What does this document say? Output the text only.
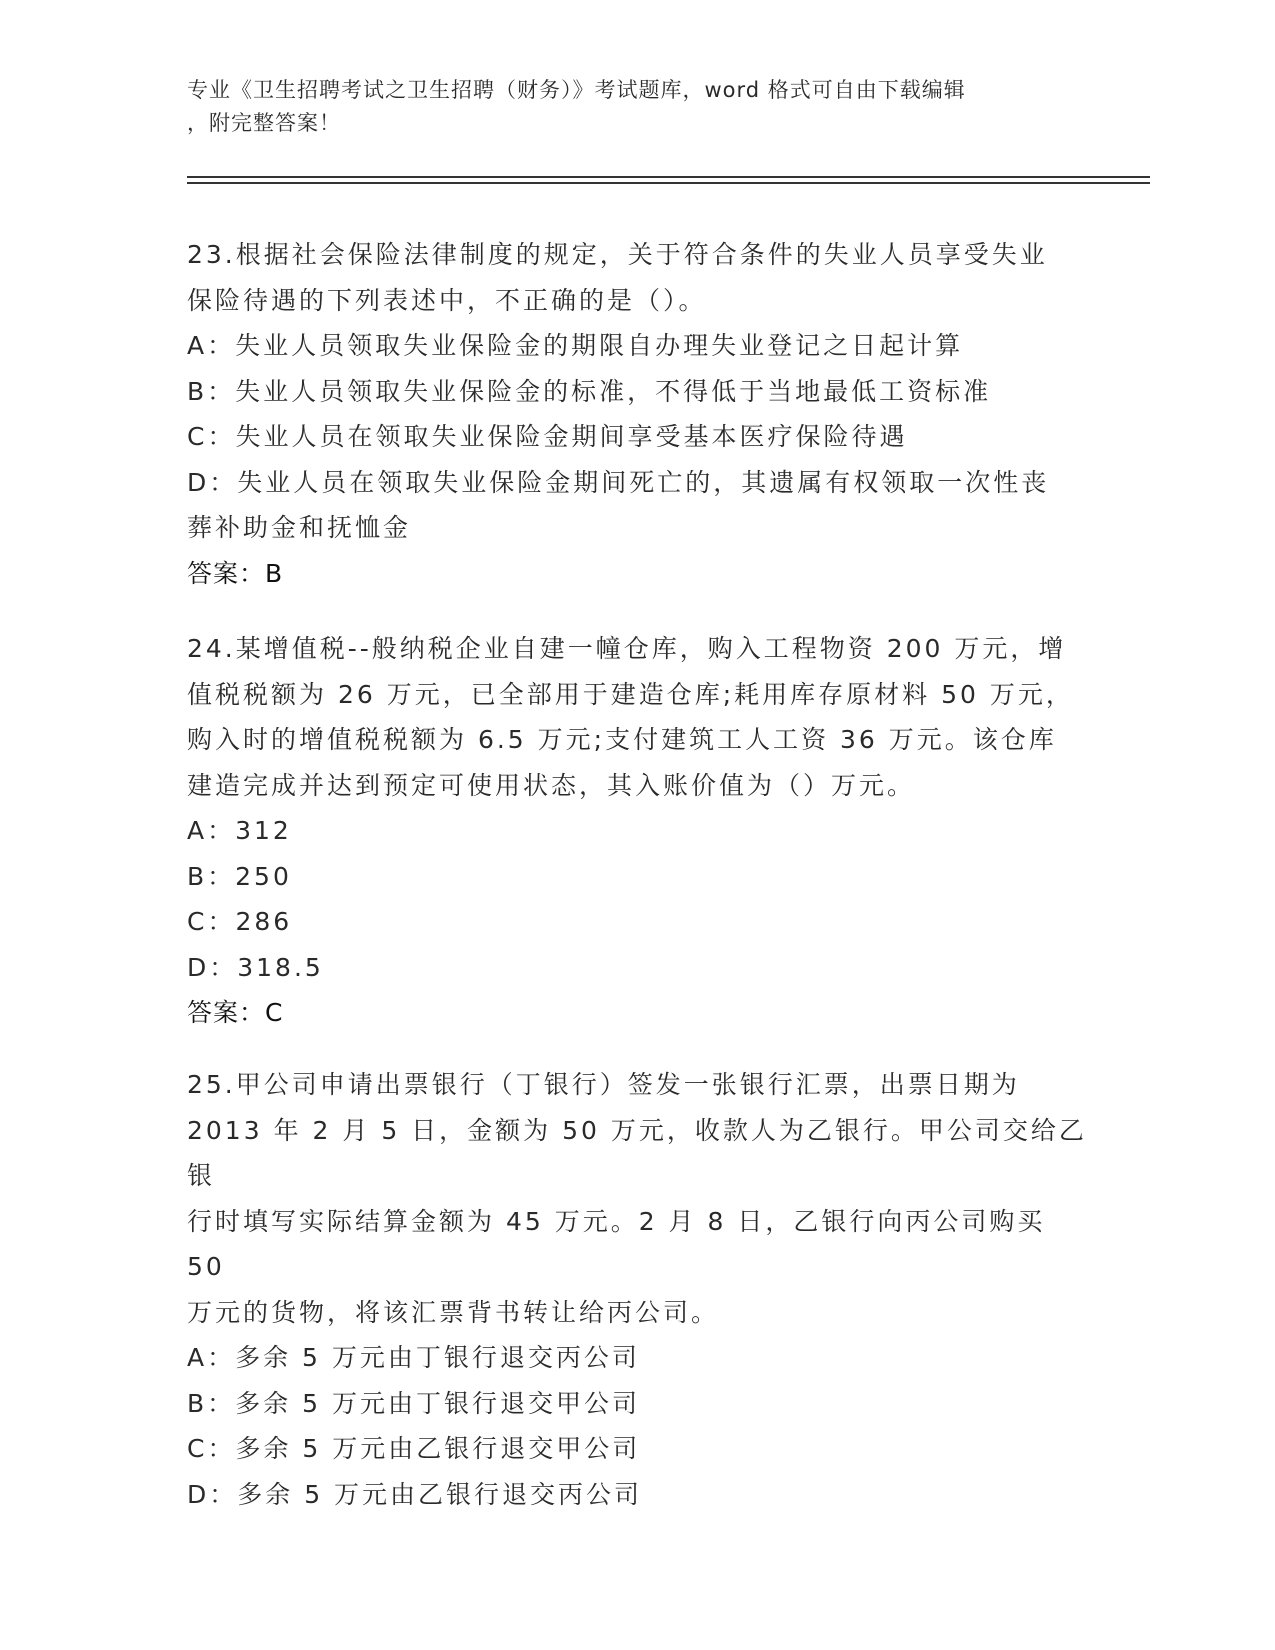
专业《卫生招聘考试之卫生招聘（财务）》考试题库，word 格式可自由下载编辑
，附完整答案！

23.根据社会保险法律制度的规定，关于符合条件的失业人员享受失业

保险待遇的下列表述中，不正确的是（）。

A：失业人员领取失业保险金的期限自办理失业登记之日起计算

B：失业人员领取失业保险金的标准，不得低于当地最低工资标准

C：失业人员在领取失业保险金期间享受基本医疗保险待遇

D：失业人员在领取失业保险金期间死亡的，其遗属有权领取一次性丧

葬补助金和抚恤金

答案：B

24.某增值税--般纳税企业自建一幢仓库，购入工程物资 200 万元，增

值税税额为 26 万元，已全部用于建造仓库;耗用库存原材料 50 万元，

购入时的增值税税额为 6.5 万元;支付建筑工人工资 36 万元。该仓库

建造完成并达到预定可使用状态，其入账价值为（）万元。

A：312

B：250

C：286

D：318.5

答案：C

25.甲公司申请出票银行（丁银行）签发一张银行汇票，出票日期为

2013 年 2 月 5 日，金额为 50 万元，收款人为乙银行。甲公司交给乙银

行时填写实际结算金额为 45 万元。2 月 8 日，乙银行向丙公司购买 50

万元的货物，将该汇票背书转让给丙公司。

A：多余 5 万元由丁银行退交丙公司

B：多余 5 万元由丁银行退交甲公司

C：多余 5 万元由乙银行退交甲公司

D：多余 5 万元由乙银行退交丙公司
